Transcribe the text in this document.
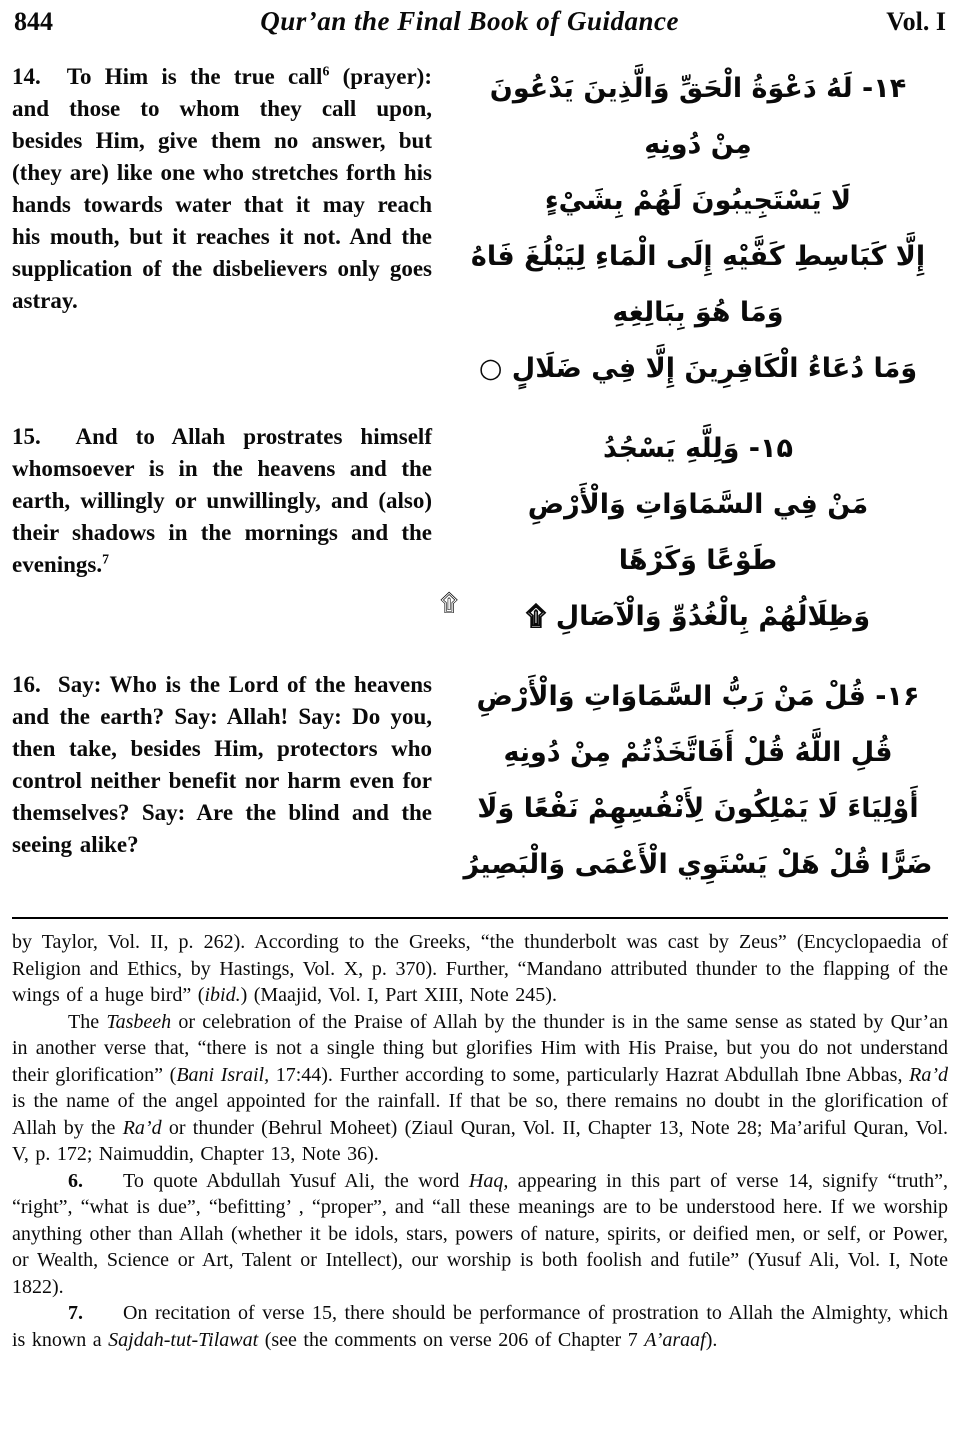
844	Qur’an the Final Book of Guidance	Vol. I
14.  To Him is the true call$^6$ (prayer): and those to whom they call upon, besides Him, give them no answer, but (they are) like one who stretches forth his hands towards water that it may reach his mouth, but it reaches it not. And the supplication of the disbelievers only goes astray.
۱۴- لَهُ دَعْوَةُ الْحَقِّ وَالَّذِينَ يَدْعُونَ
مِنْ دُونِهِ
لَا يَسْتَجِيبُونَ لَهُمْ بِشَيْءٍ
إِلَّا كَبَاسِطِ كَفَّيْهِ إِلَى الْمَاءِ لِيَبْلُغَ فَاهُ
وَمَا هُوَ بِبَالِغِهِ
وَمَا دُعَاءُ الْكَافِرِينَ إِلَّا فِي ضَلَالٍ ○
15.  And to Allah prostrates himself whomsoever is in the heavens and the earth, willingly or unwillingly, and (also) their shadows in the mornings and the evenings.$^7$
۱۵- وَلِلَّهِ يَسْجُدُ
مَنْ فِي السَّمَاوَاتِ وَالْأَرْضِ
طَوْعًا وَكَرْهًا
وَظِلَالُهُمْ بِالْغُدُوِّ وَالْآصَالِ ۩
۩
16.  Say: Who is the Lord of the heavens and the earth? Say: Allah! Say: Do you, then take, besides Him, protectors who control neither benefit nor harm even for themselves? Say: Are the blind and the seeing alike?
۱۶- قُلْ مَنْ رَبُّ السَّمَاوَاتِ وَالْأَرْضِ
قُلِ اللَّهُ قُلْ أَفَاتَّخَذْتُمْ مِنْ دُونِهِ
أَوْلِيَاءَ لَا يَمْلِكُونَ لِأَنْفُسِهِمْ نَفْعًا وَلَا
ضَرًّا قُلْ هَلْ يَسْتَوِي الْأَعْمَى وَالْبَصِيرُ

by Taylor, Vol. II, p. 262). According to the Greeks, “the thunderbolt was cast by Zeus” (Encyclopaedia of Religion and Ethics, by Hastings, Vol. X, p. 370). Further, “Mandano attributed thunder to the flapping of the wings of a huge bird” (ibid.) (Maajid, Vol. I, Part XIII, Note 245).

The Tasbeeh or celebration of the Praise of Allah by the thunder is in the same sense as stated by Qur’an in another verse that, “there is not a single thing but glorifies Him with His Praise, but you do not understand their glorification” (Bani Israil, 17:44). Further according to some, particularly Hazrat Abdullah Ibne Abbas, Ra’d is the name of the angel appointed for the rainfall. If that be so, there remains no doubt in the glorification of Allah by the Ra’d or thunder (Behrul Moheet) (Ziaul Quran, Vol. II, Chapter 13, Note 28; Ma’ariful Quran, Vol. V, p. 172; Naimuddin, Chapter 13, Note 36).

6.  To quote Abdullah Yusuf Ali, the word Haq, appearing in this part of verse 14, signify “truth”, “right”, “what is due”, “befitting’ , “proper”, and “all these meanings are to be understood here. If we worship anything other than Allah (whether it be idols, stars, powers of nature, spirits, or deified men, or self, or Power, or Wealth, Science or Art, Talent or Intellect), our worship is both foolish and futile” (Yusuf Ali, Vol. I, Note 1822).

7.  On recitation of verse 15, there should be performance of prostration to Allah the Almighty, which is known a Sajdah-tut-Tilawat (see the comments on verse 206 of Chapter 7 A’araaf).
